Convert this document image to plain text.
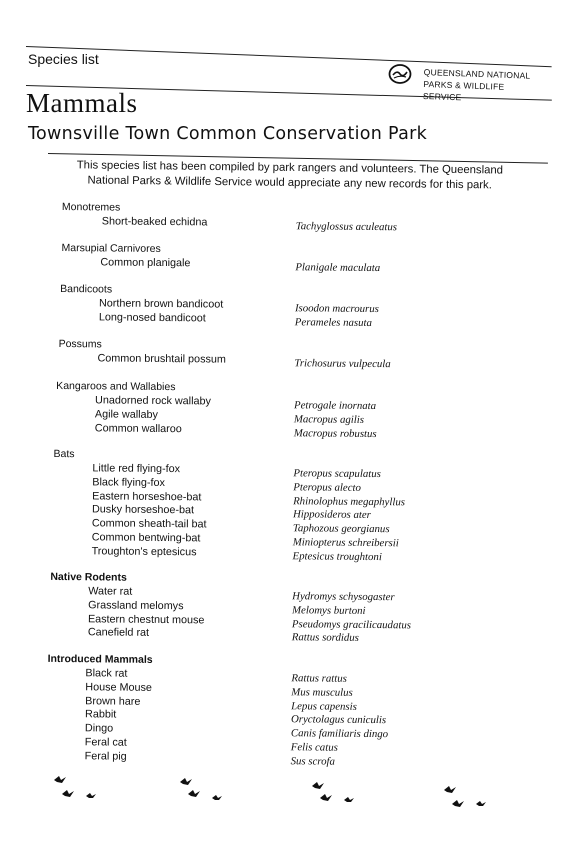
Species list
QUEENSLAND NATIONAL
PARKS & WILDLIFE SERVICE
Mammals
Townsville Town Common Conservation Park

This species list has been compiled by park rangers and volunteers. The Queensland

National Parks & Wildlife Service would appreciate any new records for this park.

Monotremes
Short-beaked echidna	Tachyglossus aculeatus
Marsupial Carnivores
Common planigale	Planigale maculata
Bandicoots
Northern brown bandicoot	Isoodon macrourus
Long-nosed bandicoot	Perameles nasuta
Possums
Common brushtail possum	Trichosurus vulpecula
Kangaroos and Wallabies
Unadorned rock wallaby	Petrogale inornata
Agile wallaby	Macropus agilis
Common wallaroo	Macropus robustus
Bats
Little red flying-fox	Pteropus scapulatus
Black flying-fox	Pteropus alecto
Eastern horseshoe-bat	Rhinolophus megaphyllus
Dusky horseshoe-bat	Hipposideros ater
Common sheath-tail bat	Taphozous georgianus
Common bentwing-bat	Miniopterus schreibersii
Troughton's eptesicus	Eptesicus troughtoni
Native Rodents
Water rat	Hydromys schysogaster
Grassland melomys	Melomys burtoni
Eastern chestnut mouse	Pseudomys gracilicaudatus
Canefield rat	Rattus sordidus
Introduced Mammals
Black rat	Rattus rattus
House Mouse	Mus musculus
Brown hare	Lepus capensis
Rabbit	Oryctolagus cuniculis
Dingo	Canis familiaris dingo
Feral cat	Felis catus
Feral pig	Sus scrofa
